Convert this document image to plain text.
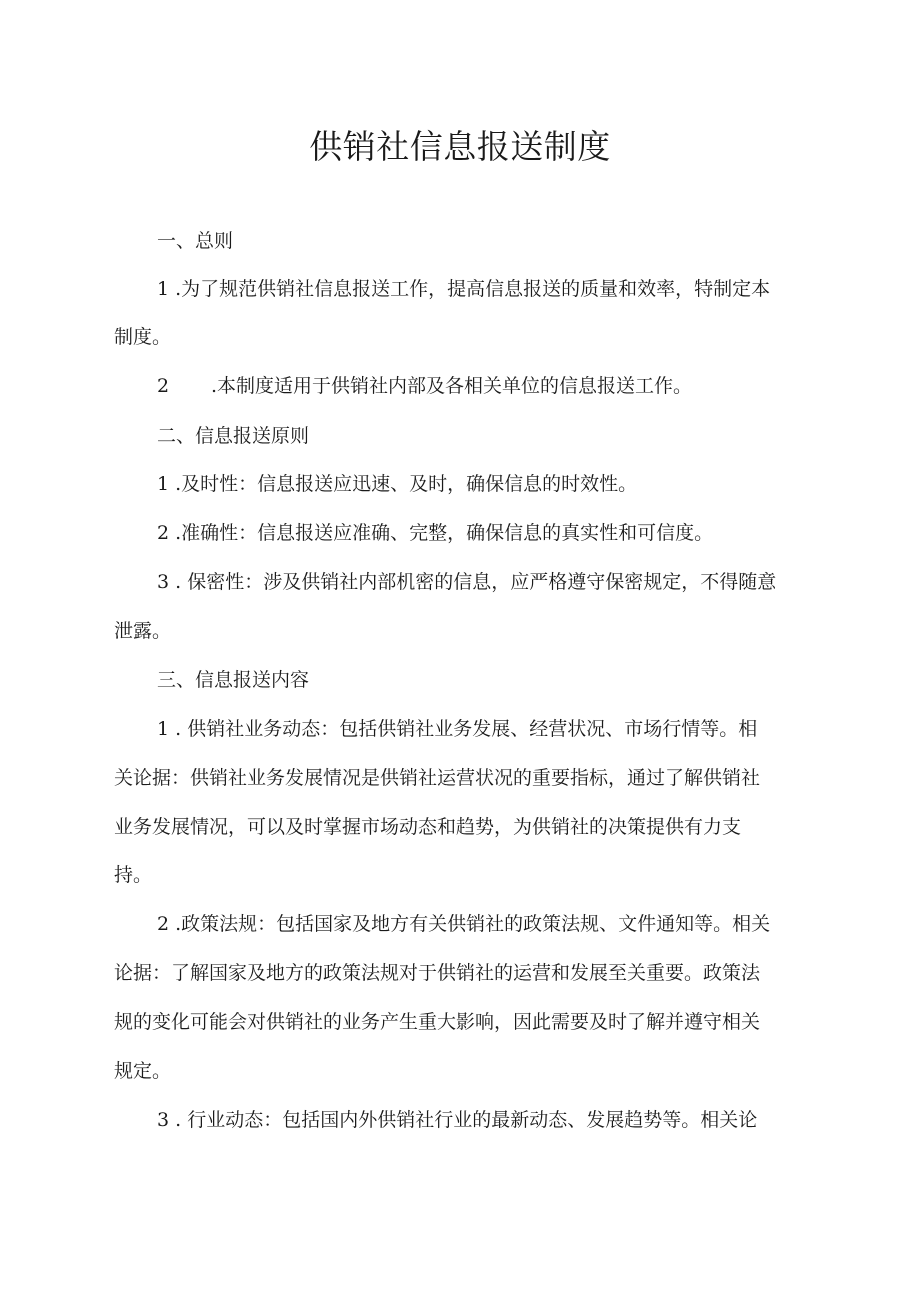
供销社信息报送制度

一、总则

1 .为了规范供销社信息报送工作，提高信息报送的质量和效率，特制定本

制度。

2 .本制度适用于供销社内部及各相关单位的信息报送工作。

二、信息报送原则

1 .及时性：信息报送应迅速、及时，确保信息的时效性。

2 .准确性：信息报送应准确、完整，确保信息的真实性和可信度。

3 . 保密性：涉及供销社内部机密的信息，应严格遵守保密规定，不得随意

泄露。

三、信息报送内容

1 . 供销社业务动态：包括供销社业务发展、经营状况、市场行情等。相

关论据：供销社业务发展情况是供销社运营状况的重要指标，通过了解供销社

业务发展情况，可以及时掌握市场动态和趋势，为供销社的决策提供有力支

持。

2 .政策法规：包括国家及地方有关供销社的政策法规、文件通知等。相关

论据：了解国家及地方的政策法规对于供销社的运营和发展至关重要。政策法

规的变化可能会对供销社的业务产生重大影响，因此需要及时了解并遵守相关

规定。

3 . 行业动态：包括国内外供销社行业的最新动态、发展趋势等。相关论
